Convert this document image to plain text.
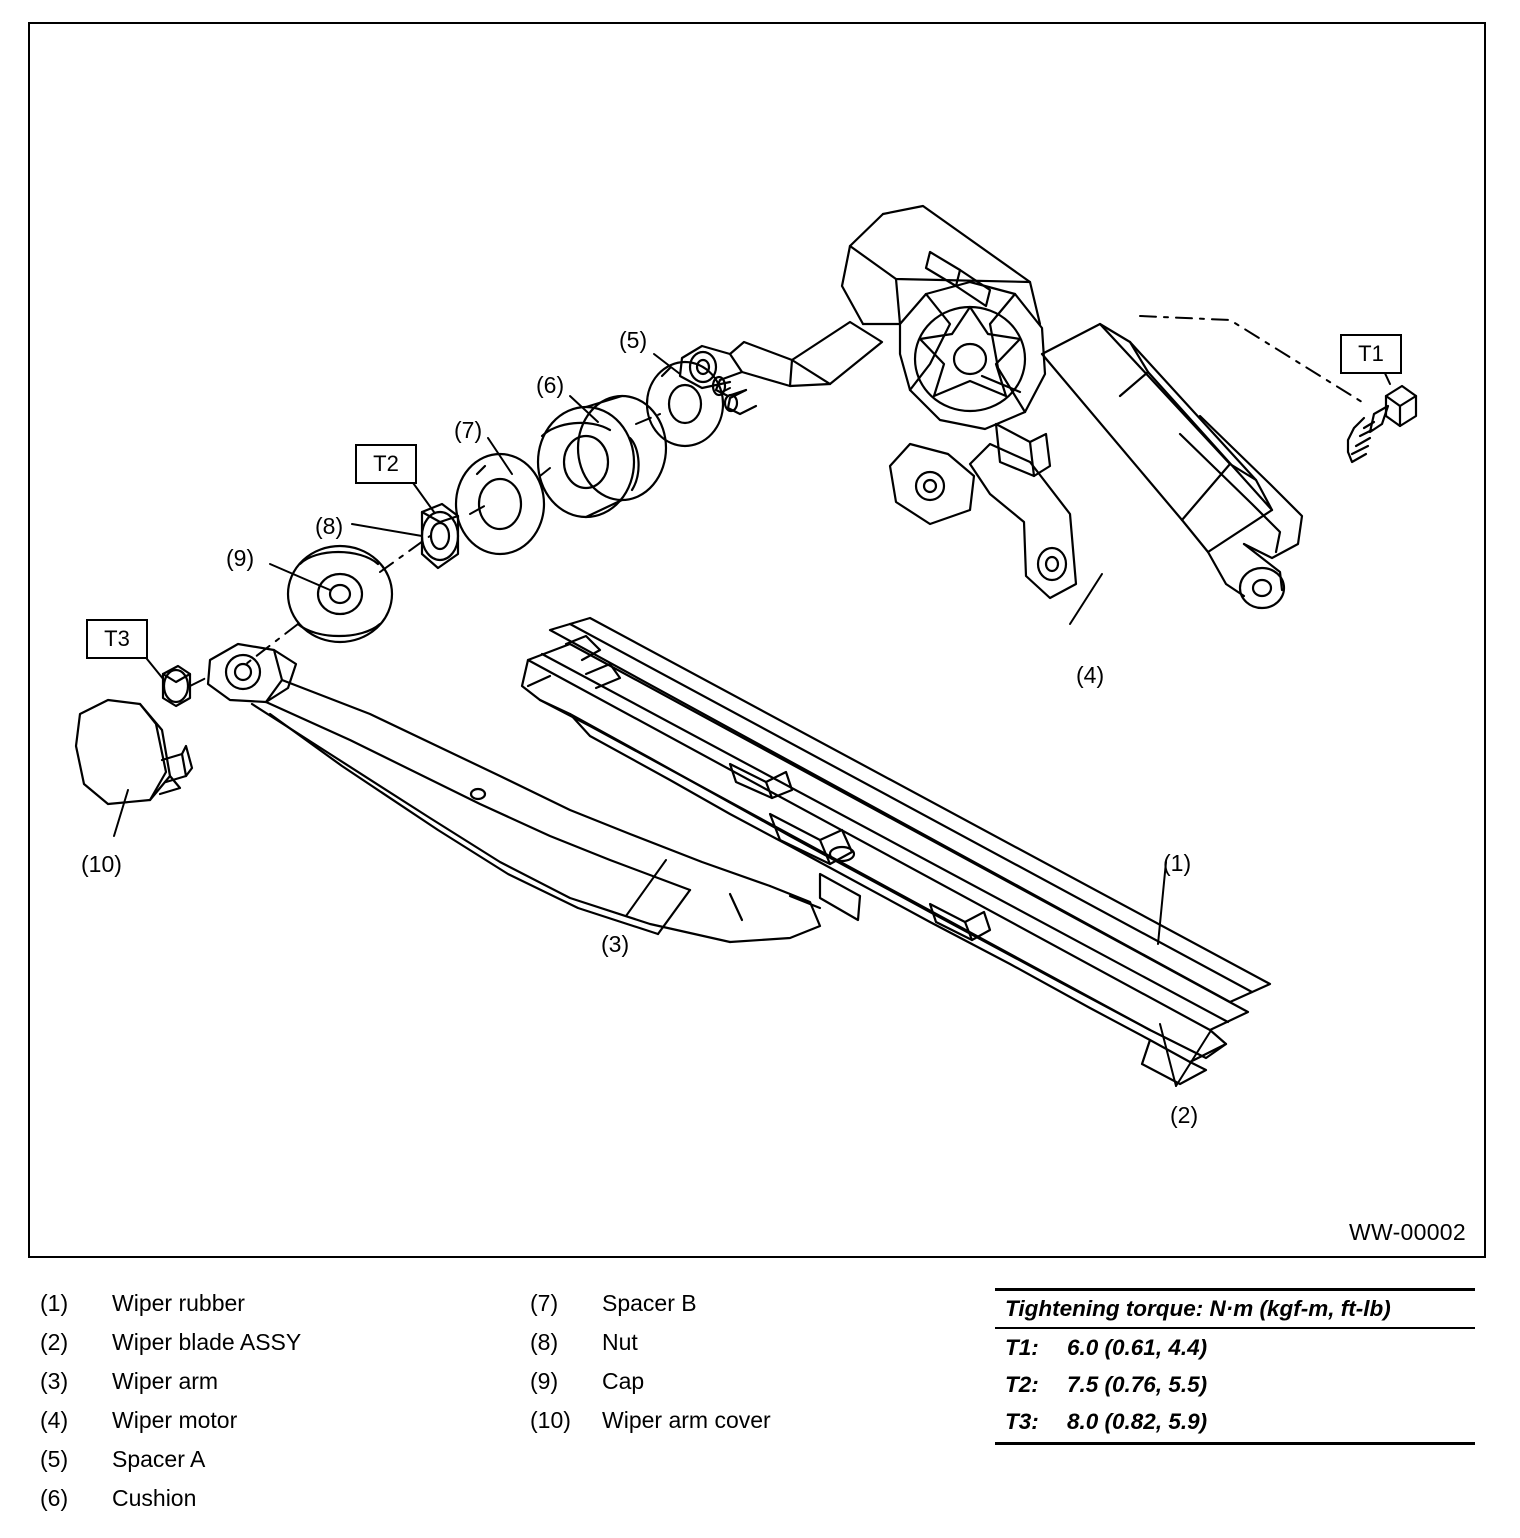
T1
T2
T3
(1)
(2)
(3)
(4)
(5)
(6)
(7)
(8)
(9)
(10)
WW-00002
(1)	Wiper rubber
(2)	Wiper blade ASSY
(3)	Wiper arm
(4)	Wiper motor
(5)	Spacer A
(6)	Cushion
(7)	Spacer B
(8)	Nut
(9)	Cap
(10)	Wiper arm cover
Tightening torque: N·m (kgf-m, ft-lb)
T1:	6.0 (0.61, 4.4)
T2:	7.5 (0.76, 5.5)
T3:	8.0 (0.82, 5.9)
